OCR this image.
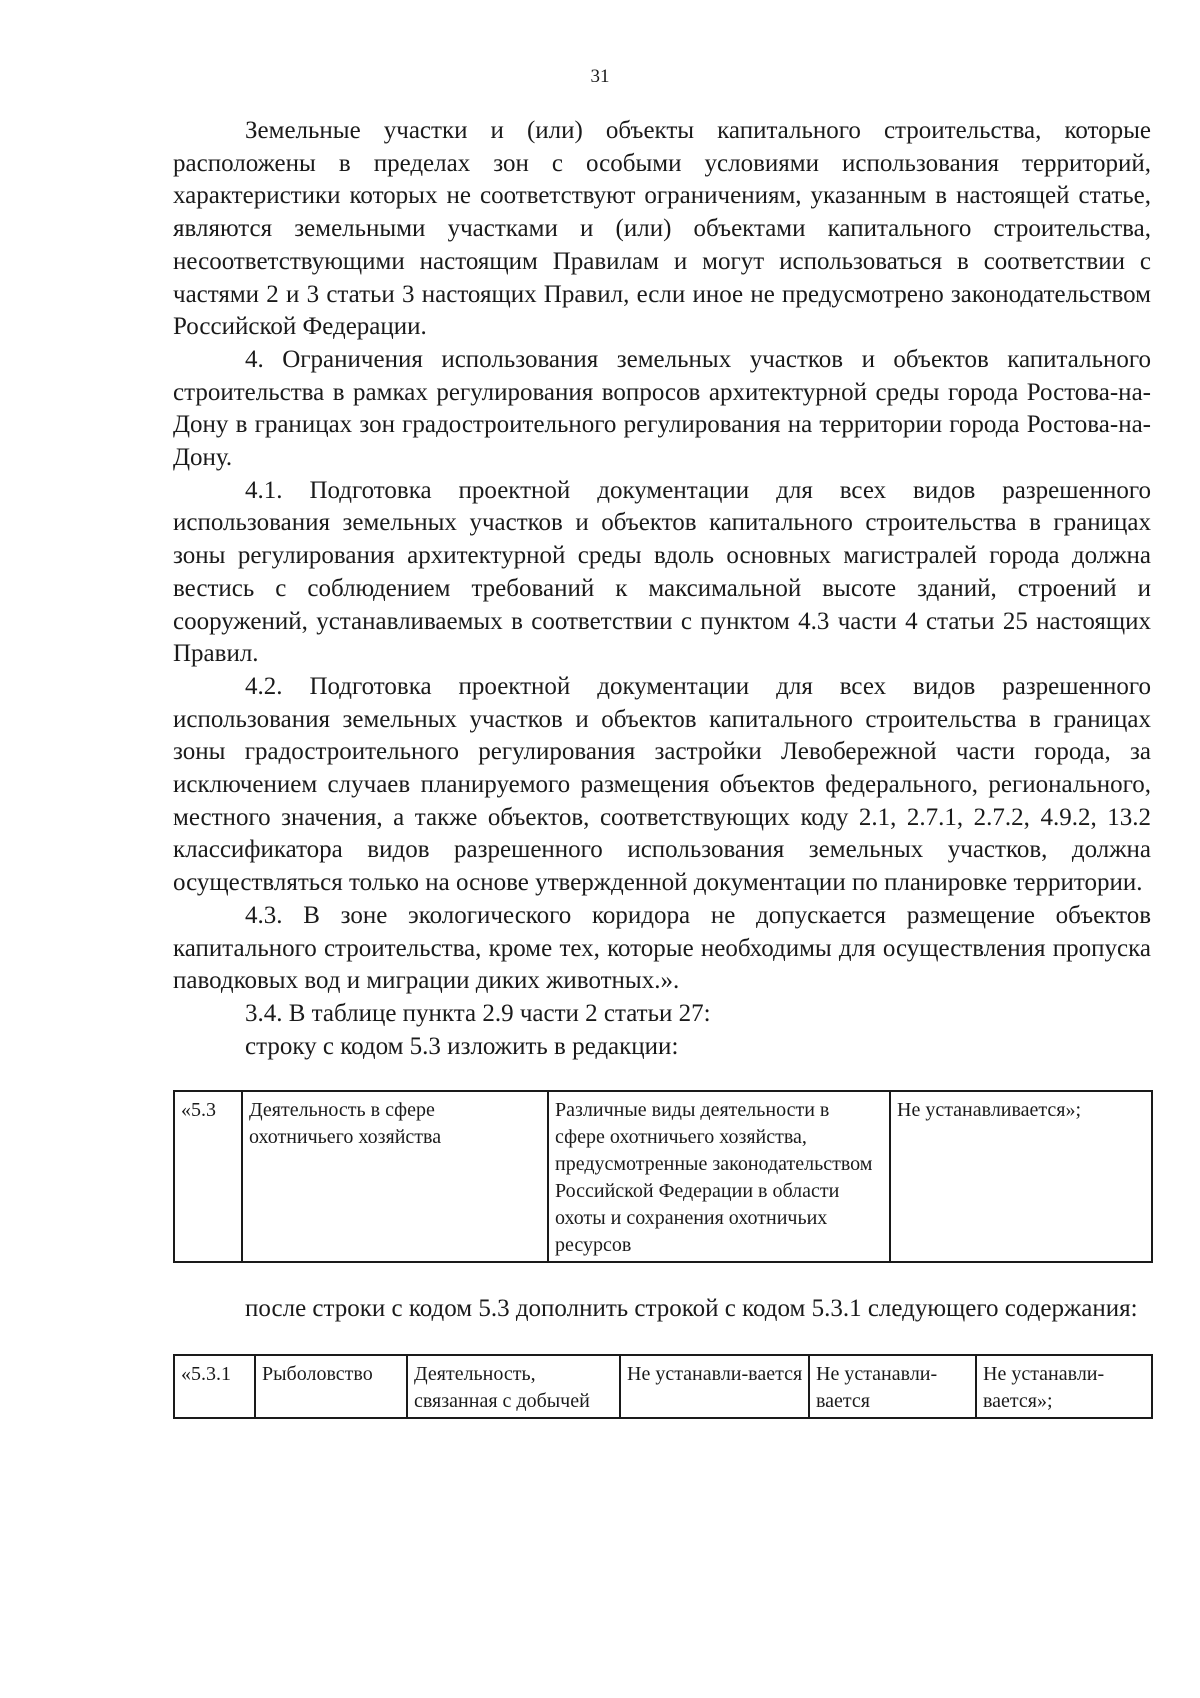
31

Земельные участки и (или) объекты капитального строительства, которые расположены в пределах зон с особыми условиями использования территорий, характеристики которых не соответствуют ограничениям, указанным в настоящей статье, являются земельными участками и (или) объектами капитального строительства, несоответствующими настоящим Правилам и могут использоваться в соответствии с частями 2 и 3 статьи 3 настоящих Правил, если иное не предусмотрено законодательством Российской Федерации.

4. Ограничения использования земельных участков и объектов капитального строительства в рамках регулирования вопросов архитектурной среды города Ростова-на-Дону в границах зон градостроительного регулирования на территории города Ростова-на-Дону.

4.1. Подготовка проектной документации для всех видов разрешенного использования земельных участков и объектов капитального строительства в границах зоны регулирования архитектурной среды вдоль основных магистралей города должна вестись с соблюдением требований к максимальной высоте зданий, строений и сооружений, устанавливаемых в соответствии с пунктом 4.3 части 4 статьи 25 настоящих Правил.

4.2. Подготовка проектной документации для всех видов разрешенного использования земельных участков и объектов капитального строительства в границах зоны градостроительного регулирования застройки Левобережной части города, за исключением случаев планируемого размещения объектов федерального, регионального, местного значения, а также объектов, соответствующих коду 2.1, 2.7.1, 2.7.2, 4.9.2, 13.2 классификатора видов разрешенного использования земельных участков, должна осуществляться только на основе утвержденной документации по планировке территории.

4.3. В зоне экологического коридора не допускается размещение объектов капитального строительства, кроме тех, которые необходимы для осуществления пропуска паводковых вод и миграции диких животных.».

3.4. В таблице пункта 2.9 части 2 статьи 27:

строку с кодом 5.3 изложить в редакции:

«5.3	Деятельность в сфере охотничьего хозяйства	Различные виды деятельности в сфере охотничьего хозяйства, предусмотренные законодательством Российской Федерации в области охоты и сохранения охотничьих ресурсов	Не устанавливается»;

после строки с кодом 5.3 дополнить строкой с кодом 5.3.1 следующего содержания:

«5.3.1	Рыболовство	Деятельность, связанная с добычей	Не устанавли-вается	Не устанавли-вается	Не устанавли-вается»;
